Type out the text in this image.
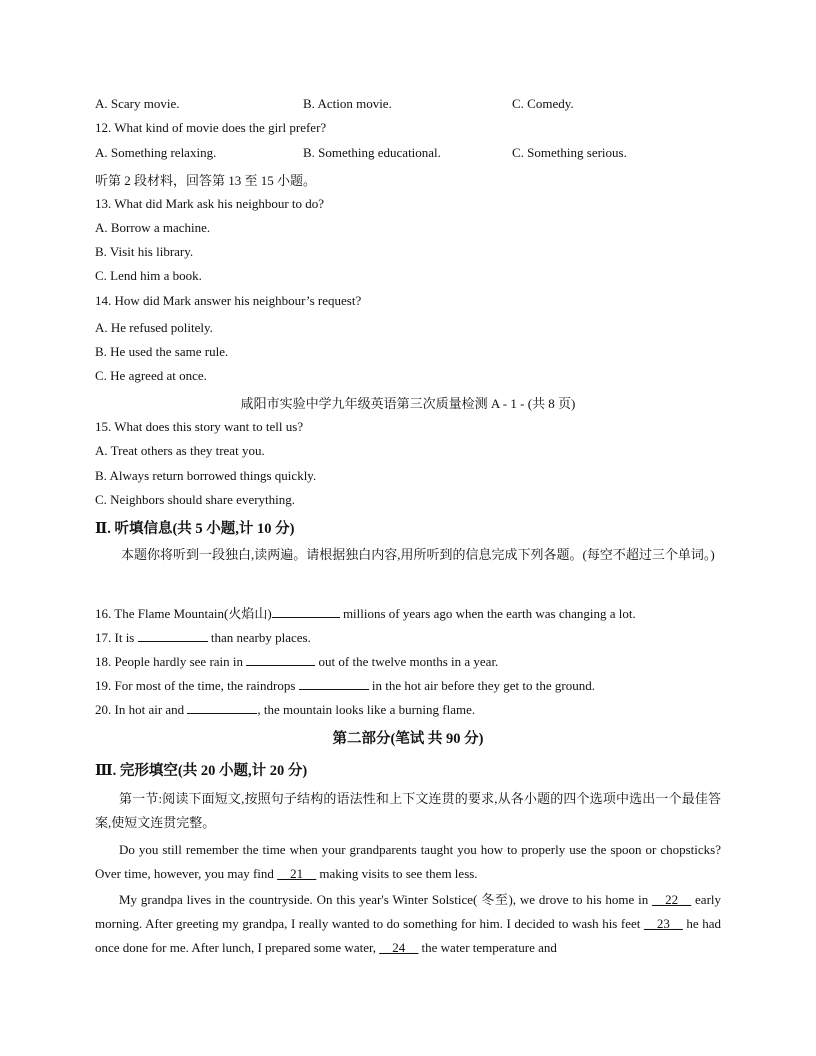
A. Scary movie.	B. Action movie.	C. Comedy.
12. What kind of movie does the girl prefer?
A. Something relaxing.	B. Something educational.	C. Something serious.
听第 2 段材料，回答第 13 至 15 小题。
13. What did Mark ask his neighbour to do?
A. Borrow a machine.
B. Visit his library.
C. Lend him a book.
14. How did Mark answer his neighbour’s request?
A. He refused politely.
B. He used the same rule.
C. He agreed at once.
咸阳市实验中学九年级英语第三次质量检测 A - 1 - (共 8 页)
15. What does this story want to tell us?
A. Treat others as they treat you.
B. Always return borrowed things quickly.
C. Neighbors should share everything.
Ⅱ. 听填信息(共 5 小题,计 10 分)
本题你将听到一段独白,读两遍。请根据独白内容,用所听到的信息完成下列各题。(每空不超过三个单词。)
16. The Flame Mountain(火焰山)	millions of years ago when the earth was changing a lot.
17. It is	than nearby places.
18. People hardly see rain in	out of the twelve months in a year.
19. For most of the time, the raindrops	in the hot air before they get to the ground.
20. In hot air and	, the mountain looks like a burning flame.
第二部分(笔试 共 90 分)
Ⅲ. 完形填空(共 20 小题,计 20 分)
第一节:阅读下面短文,按照句子结构的语法性和上下文连贯的要求,从各小题的四个选项中选出一个最佳答案,使短文连贯完整。
Do you still remember the time when your grandparents taught you how to properly use the spoon or chopsticks? Over time, however, you may find __21__ making visits to see them less.
My grandpa lives in the countryside. On this year's Winter Solstice( 冬至), we drove to his home in __22__ early morning. After greeting my grandpa, I really wanted to do something for him. I decided to wash his feet __23__ he had once done for me. After lunch, I prepared some water, __24__ the water temperature and
